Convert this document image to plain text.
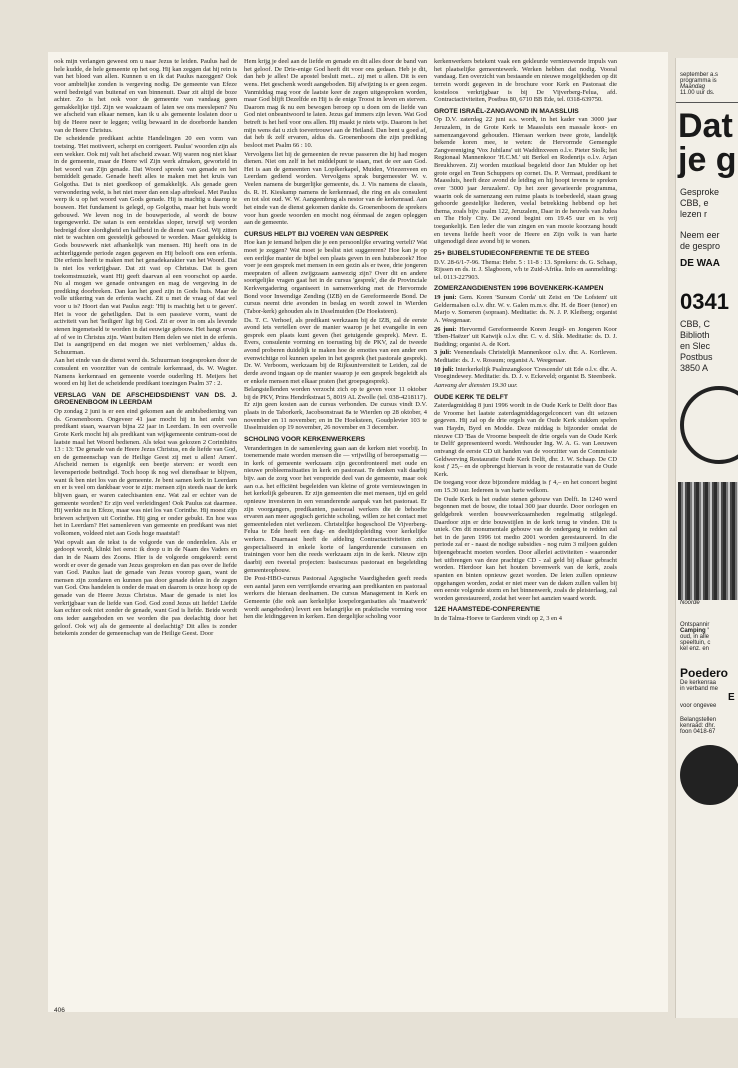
ook mijn verlangen geweest om u naar Jezus te leiden. Paulus had de hele kudde, de hele gemeente op het oog. Hij kan zeggen dat hij rein is van het bloed van allen. Kunnen u en ik dat Paulus nazeggen? Ook voor ambtelijke zonden is vergeving nodig. De gemeente van Efeze werd bedreigd van buitenaf en van binnenuit. Daar zit altijd de boze achter. Zo is het ook voor de gemeente van vandaag geen gemakkelijke tijd. Zijn we waakzaam of laten we ons meeslepen? Nu we afscheid van elkaar nemen, kan ik u als gemeente loslaten door u bij de Heere neer te leggen; veilig bewaard in de doorborde handen van de Heere Christus.

De scheidende predikant achtte Handelingen 20 een vorm van toetsing. 'Het motiveert, scherpt en corrigeert. Paulus' woorden zijn als een wekker. Ook mij valt het afscheid zwaar. Wij waren nog niet klaar in de gemeente, maar de Heere wil Zijn werk afmaken, geworteld in het woord van Zijn genade. Dat Woord spreekt van genade en het bemiddelt genade. Genade heeft alles te maken met het kruis van Golgotha. Dat is niet goedkoop of gemakkelijk. Als genade geen verwondering wekt, is het niet meer dan een slap aftreksel. Met Paulus werp ik u op het woord van Gods genade. Hij is machtig u daarop te bouwen. Het fundament is gelegd, op Golgotha, maar het huis wordt gebouwd. We leven nog in de bouwperiode, al wordt de bouw tegengewerkt. De satan is een eersteklas sloper, terwijl wij worden bedreigd door slordigheid en halfheid in de dienst van God. Wij zitten niet te wachten om geestelijk gebouwd te worden. Maar gelukkig is Gods bouwwerk niet afhankelijk van mensen. Hij heeft ons in de achterliggende periode zegen gegeven en Hij belooft ons een erfenis. Die erfenis heeft te maken met het genadekarakter van het Woord. Dat is niet los verkrijgbaar. Dat zit vast op Christus. Dat is geen toekomstmuziek, want Hij geeft daarvan al een voorschot op aarde. Nu al mogen we genade ontvangen en mag de vergeving in de prediking doorbreken. Dan kan het goed zijn in Gods huis. Maar de volle uitkering van de erfenis wacht. Zit u met de vraag of dat wel voor u is? Hoort dan wat Paulus zegt: 'Hij is machtig het u te geven'. Het is voor de geheiligden. Dat is een passieve vorm, want de activiteit van het 'heiligen' ligt bij God. Zit er over in om als levende stenen ingemetseld te worden in dat eeuwige gebouw. Het hangt ervan af of we in Christus zijn. Want buiten Hem delen we niet in de erfenis. Dat is aangrijpend en dat mogen we niet verbloemen,' aldus ds. Schuurman.

Aan het einde van de dienst werd ds. Schuurman toegesproken door de consulent en voorzitter van de centrale kerkenraad, ds. W. Wagter. Namens kerkenraad en gemeente voerde ouderling H. Meijers het woord en hij liet de scheidende predikant toezingen Psalm 37 : 2.

VERSLAG VAN DE AFSCHEIDSDIENST VAN DS. J. GROENENBOOM IN LEERDAM

Op zondag 2 juni is er een eind gekomen aan de ambtsbediening van ds. Groenenboom. Ongeveer 41 jaar mocht hij in het ambt van predikant staan, waarvan bijna 22 jaar in Leerdam. In een overvolle Grote Kerk mocht hij als predikant van wijkgemeente centrum-oost de laatste maal het Woord bedienen. Als tekst was gekozen 2 Corinthiërs 13 : 13: 'De genade van de Heere Jezus Christus, en de liefde van God, en de gemeenschap van de Heilige Geest zij met u allen! Amen'. Afscheid nemen is eigenlijk een beetje sterven: er wordt een levensperiode beëindigd. Toch hoop ik nog wel dienstbaar te blijven, want ik ben niet los van de gemeente. Je bent samen kerk in Leerdam en er is veel om dankbaar voor te zijn: mensen zijn steeds naar de kerk blijven gaan, er waren catechisanten enz. Wat zal er echter van de gemeente worden? Er zijn veel verleidingen! Ook Paulus zat daarmee. Hij werkte nu in Efeze, maar was niet los van Corinthe. Hij moest zijn brieven schrijven uit Corinthe. Hij ging er onder gebukt. En hoe was het in Leerdam? Het samenleven van gemeente en predikant was niet volkomen, voldeed niet aan Gods hoge maatstaf!

Wat opvalt aan de tekst is de volgorde van de onderdelen. Als er gedoopt wordt, klinkt het eerst: ik doop u in de Naam des Vaders en dan in de Naam des Zoons. Hier is de volgorde omgekeerd: eerst wordt er over de genade van Jezus gesproken en dan pas over de liefde van God. Paulus laat de genade van Jezus voorop gaan, want de mensen zijn zondaren en kunnen pas door genade delen in de zegen van God. Ons handelen is onder de maat en daarom is onze hoop op de genade van de Heere Jezus Christus. Maar de genade is niet los verkrijgbaar van de liefde van God. God zond Jezus uit liefde! Liefde kan echter ook niet zonder de genade, want God is liefde. Beide wordt ons ieder aangeboden en we worden die pas deelachtig door het geloof. Ook wij als de gemeente al deelachtig? Dit alles is zonder betekenis zonder de gemeenschap van de Heilige Geest. Door

Hem krijg je deel aan de liefde en genade en dit alles door de band van het geloof. De Drie-enige God heeft dit voor ons gedaan. Heb je dit, dan heb je alles! De apostel besluit met... zij met u allen. Dit is een wens. Het geschenk wordt aangeboden. Bij afwijzing is er geen zegen. Vanmiddag mag voor de laatste keer de zegen uitgesproken worden, maar God blijft Dezelfde en Hij is de enige Troost in leven en sterven. Daarom mag ik nu een bewogen beroep op u doen om de liefde van God niet onbeantwoord te laten. Jezus gaf immers zijn leven. Wat God betreft is het heil voor ons allen. Hij maakt je niets wijs. Daarom is het mijn wens dat u zich toevertrouwt aan de Heiland. Dan bent u goed af, dat heb ik zelf ervaren, aldus ds. Groenenboom die zijn prediking besloot met Psalm 66 : 10.

Vervolgens liet hij de gemeenten de revue passeren die hij had mogen dienen. Niet om zelf in het middelpunt te staan, met de eer aan God. Het is aan de gemeenten van Lopikerkapel, Muiden, Vriezenveen en Leerdam gediend worden. Vervolgens sprak burgemeester W. v. Veelen namens de burgerlijke gemeente, ds. J. Vis namens de classis, ds. R. H. Kieskamp namens de kerkenraad, die ring en als consulent en tot slot oud. W. W. Aangeenbrug als nestor van de kerkenraad. Aan het einde van de dienst gekomen dankte ds. Groenenboom de sprekers voor hun goede woorden en mocht nog éénmaal de zegen opleggen aan de gemeente.

CURSUS HELPT BIJ VOEREN VAN GESPREK

Hoe kan je iemand helpen die je een persoonlijke ervaring vertelt? Wat moet je zeggen? Wat moet je beslist niet suggereren? Hoe kan je op een eerlijke manier de bijbel een plaats geven in een huisbezoek? Hoe voer je een gesprek met mensen in een gezin als er twee, drie jongeren meepraten of alleen zwijgzaam aanwezig zijn? Over dit en andere soortgelijke vragen gaat het in de cursus 'gesprek', die de Provinciale Kerkvergadering organiseert in samenwerking met de Hervormde Bond voor Inwendige Zending (IZB) en de Gereformeerde Bond. De cursus neemt drie avonden in beslag en wordt zowel in Wierden (Tabor-kerk) gehouden als in IJsselmuiden (De Hoeksteen).

Ds. T. C. Verhoef, als predikant werkzaam bij de IZB, zal de eerste avond iets vertellen over de manier waarop je het evangelie in een gesprek een plaats kunt geven (het getuigende gesprek). Mevr. E. Evers, consulente vorming en toerusting bij de PKV, zal de tweede avond proberen duidelijk te maken hoe de emoties van een ander een evenwichtige rol kunnen spelen in het gesprek (het pastorale gesprek). Dr. W. Verboom, werkzaam bij de Rijksuniversiteit te Leiden, zal de derde avond ingaan op de manier waarop je een gesprek begeleidt als er enkele mensen met elkaar praten (het groepsgesprek).

Belangstellenden worden verzocht zich op te geven voor 11 oktober bij de PKV, Prins Hendrikstraat 5, 8019 AL Zwolle (tel. 038-4218117). Er zijn geen kosten aan de cursus verbonden. De cursus vindt D.V. plaats in de Taborkerk, Jacobsonstraat 8a te Wierden op 28 oktober, 4 november en 11 november; en in De Hoeksteen, Goudplevier 103 te IJsselmuiden op 19 november, 26 november en 3 december.

SCHOLING VOOR KERKENWERKERS

Veranderingen in de samenleving gaan aan de kerken niet voorbij. In toenemende mate worden mensen die — vrijwillig of beroepsmatig — in kerk of gemeente werkzaam zijn geconfronteerd met oude en nieuwe probleemsituaties in kerk en pastoraat. Te denken valt daarbij bijv. aan de zorg voor het verspreide deel van de gemeente, maar ook aan o.a. het efficiënt begeleiden van kleine of grote vernieuwingen in het kerkelijk gebeuren. Er zijn gemeenten die met mensen, tijd en geld opnieuw investeren in een veranderende aanpak van het pastoraat. Er zijn voorgangers, predikanten, pastoraal werkers die de behoefte ervaren aan meer agogisch gerichte scholing, willen ze het contact met gemeenteleden niet verliezen. Christelijke hogeschool De Vijverberg-Felua te Ede heeft een dag- en deeltijdopleiding voor kerkelijke werkers. Duarnaast heeft de afdeling Contractactiviteiten zich gespecialiseerd in enkele korte of langerdurende cursussen en trainingen voor hen die reeds werkzaam zijn in de kerk. Nieuw zijn daarbij een tweetal projecten: basiscursus pastoraat en begeleiding gemeenteopbouw.

De Post-HBO-cursus Pastoraal Agogische Vaardigheden geeft reeds een aantal jaren een verrijkende ervaring aan predikanten en pastoraal werkers die hieraan deelnamen. De cursus Management in Kerk en Gemeente (die ook aan kerkelijke koepelorganisaties als 'maatwerk' wordt aangeboden) levert een belangrijke en praktische vorming voor hen die leidinggeven in kerken. Een dergelijke scholing voor

kerkenwerkers betekent vaak een gekleurde vernieuwende impuls van het plaatselijke gemeentewerk. Werken hebben dat nodig. Vooral vandaag. Een overzicht van bestaande en nieuwe mogelijkheden op dit terrein wordt gegeven in de brochure voor Kerk en Pastoraat die kosteloos verkrijgbaar is bij De Vijverberg-Felua, afd. Contractactiviteiten, Postbus 80, 6710 BB Ede, tel. 0318-639750.

GROTE ISRAËL-ZANGAVOND IN MAASSLUIS

Op D.V. zaterdag 22 juni a.s. wordt, in het kader van 3000 jaar Jeruzalem, in de Grote Kerk te Maassluis een massale koor- en samenzangavond gehouden. Hieraan werken twee grote, landelijk bekende koren mee, te weten: de Hervormde Gemengde Zangvereniging 'Vox Jubilans' uit Waddinxveen o.l.v. Pieter Stolk; het Regionaal Mannenkoor 'H.C.M.' uit Berkel en Rodenrijs o.l.v. Arjan Breukhoven. Zij worden muzikaal begeleid door Jan Mulder op het grote orgel en Teun Schuppers op cornet. Ds. P. Vermaat, predikant te Maassluis, heeft deze avond de leiding en hij hoopt tevens te spreken over '3000 jaar Jeruzalem'. Op het zeer gevarieerde programma, waarin ook de samenzang een ruime plaats is toebedeeld, staan graag gehoorde geestelijke liederen, veelal betrekking hebbend op het thema, zoals bijv. psalm 122, Jeruzalem, Daar in de heuvels van Judea en The Holy City. De avond begint om 19.45 uur en is vrij toegankelijk. Een leder die van zingen en van mooie koorzang houdt en tevens liefde heeft voor de Heere en Zijn volk is van harte uitgenodigd deze avond bij te wonen.

25+ BIJBELSTUDIECONFERENTIE TE DE STEEG

D.V. 28-6/1-7-96. Thema: Hebr. 5 : 11-8 : 13. Sprekers: ds. G. Schaap, Rijssen en ds. ir. J. Slagboom, v/h te Zuid-Afrika. Info en aanmelding: tel. 0113-227903.

ZOMERZANGDIENSTEN 1996 BOVENKERK-KAMPEN

19 juni: Gem. Koren 'Sursum Corda' uit Zeist en 'De Lofstem' uit Geldermalsen o.l.v. dhr. W. v. Galen m.m.v. dhr. H. de Boer (tenor) en Marjo v. Someren (sopraan). Meditatie: ds. N. J. P. Kleiberg; organist A. Weegenaar.

26 juni: Hervormd Gereformeerde Koren Jeugd- en Jongeren Koor 'Eben-Haëzer' uit Katwijk o.l.v. dhr. C. v. d. Slik. Meditatie: ds. D. J. Budding; organist A. de Kort.

3 juli: Veenendaals Christelijk Mannenkoor o.l.v. dhr. A. Kortleven. Meditatie: ds. J. v. Rossum; organist A. Weegenaar.

10 juli: Interkerkelijk Psalmzangkoor 'Crescendo' uit Ede o.l.v. dhr. A. Vroegindewey. Meditatie: ds. D. J. v. Eckeveld; organist B. Steenbeek.

Aanvang der diensten 19.30 uur.

OUDE KERK TE DELFT

Zaterdagmiddag 8 juni 1996 wordt in de Oude Kerk te Delft door Bas de Vroome het laatste zaterdagmiddagorgelconcert van dit seizoen gegeven. Hij zal op de drie orgels van de Oude Kerk stukken spelen van Haydn, Byrd en Modde. Deze middag is bijzonder omdat de nieuwe CD 'Bas de Vroome bespeelt de drie orgels van de Oude Kerk te Delft' gepresenteerd wordt. Wethouder Ing. W. A. G. van Leeuwen ontvangt de eerste CD uit handen van de voorzitter van de Commissie Geldwerving Restauratie Oude Kerk Delft, dhr. J. W. Schaap. De CD kost ƒ 25,– en de opbrengst hiervan is voor de restauratie van de Oude Kerk.

De toegang voor deze bijzondere middag is ƒ 4,– en het concert begint om 15.30 uur. Iedereen is van harte welkom.

De Oude Kerk is het oudste stenen gebouw van Delft. In 1240 werd begonnen met de bouw, die totaal 300 jaar duurde. Door oorlogen en geldgebrek werden bouwwerkzaamheden regelmatig stilgelegd. Daardoor zijn er drie bouwstijlen in de kerk terug te vinden. Dit is uniek. Om dit monumentale gebouw van de ondergang te redden zal het in de jaren 1996 tot medio 2001 worden gerestaureerd. In die periode zal er - naast de nodige subsidies - nog ruim 3 miljoen gulden bijeengebracht moeten worden. Door allerlei activiteiten - waaronder het uitbrengen van deze prachtige CD - zal geld bij elkaar gebracht worden. Hierdoor kan het houten bovenwerk van de kerk, zoals spanten en binten opnieuw gezet worden. De leien zullen opnieuw opgehangen worden, zodat er niet meer van de daken zullen vallen bij een eerste volgende storm en het binnenwerk, zoals de pleisterlaag, zal worden gerestaureerd, zodat het weer het aanzien waard wordt.

12E HAAMSTEDE-CONFERENTIE

In de Talma-Hoeve te Garderen vindt op 2, 3 en 4

406
september a.s
programma is
Maandag
11.00 uur ds.
Dat
je g
Gesproke
CBB, e
lezen r
Neem eer
de gespro
DE WAA
0341
CBB, C
Biblioth
en Slec
Postbus
3850 A
Noorde
Ontspannir
Camping '
oud, in alle
speeltuin, c
kel enz. en
Poedero
De kerkenraa
in verband me
E
voor ongevee
Belangstellen
kenraad: dhr.
foon 0418-67
